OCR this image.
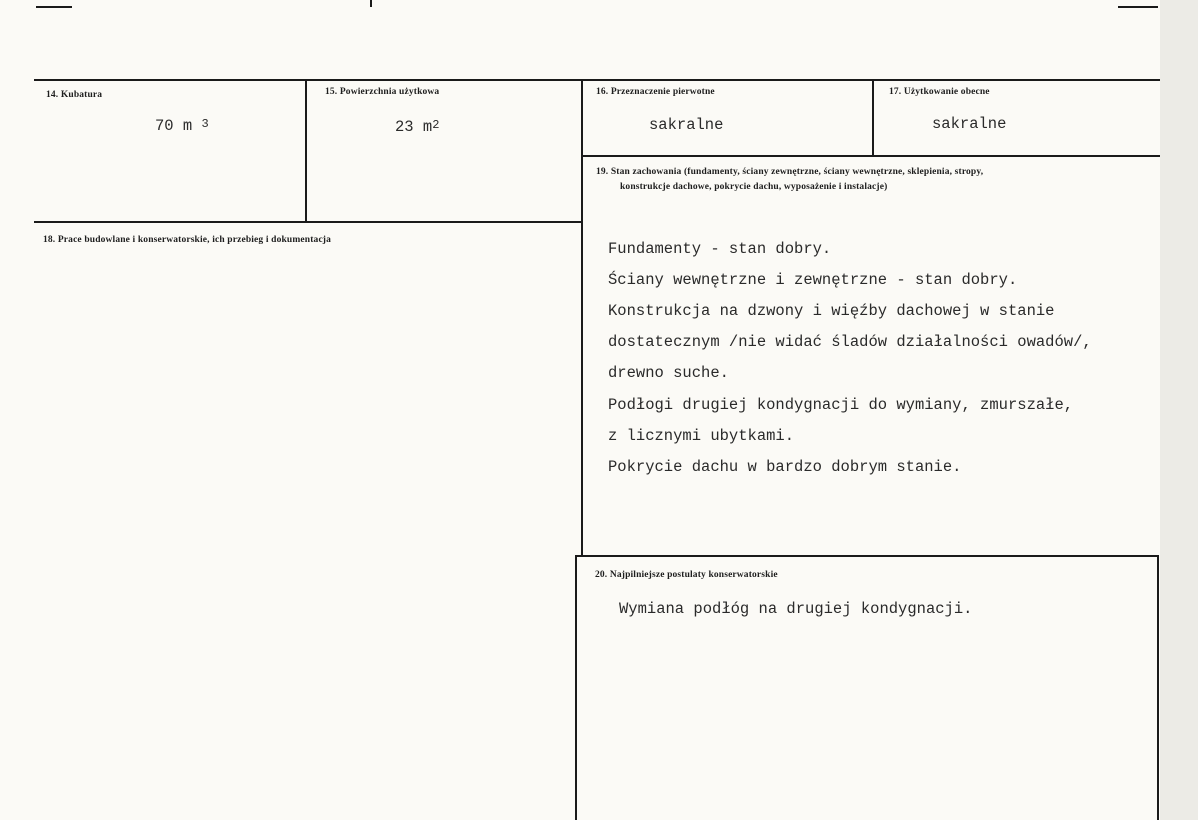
14. Kubatura
70 m $^3$
15. Powierzchnia użytkowa
23 $m^2$
16. Przeznaczenie pierwotne
sakralne
17. Użytkowanie obecne
sakralne
19. Stan zachowania (fundamenty, ściany zewnętrzne, ściany wewnętrzne, sklepienia, stropy,
konstrukcje dachowe, pokrycie dachu, wyposażenie i instalacje)

Fundamenty - stan dobry.

Ściany wewnętrzne i zewnętrzne - stan dobry.

Konstrukcja na dzwony i więźby dachowej w stanie

dostatecznym /nie widać śladów działalności owadów/,

drewno suche.

Podłogi drugiej kondygnacji do wymiany, zmurszałe,

z licznymi ubytkami.

Pokrycie dachu w bardzo dobrym stanie.

18. Prace budowlane i konserwatorskie, ich przebieg i dokumentacja
20. Najpilniejsze postulaty konserwatorskie
Wymiana podłóg na drugiej kondygnacji.
